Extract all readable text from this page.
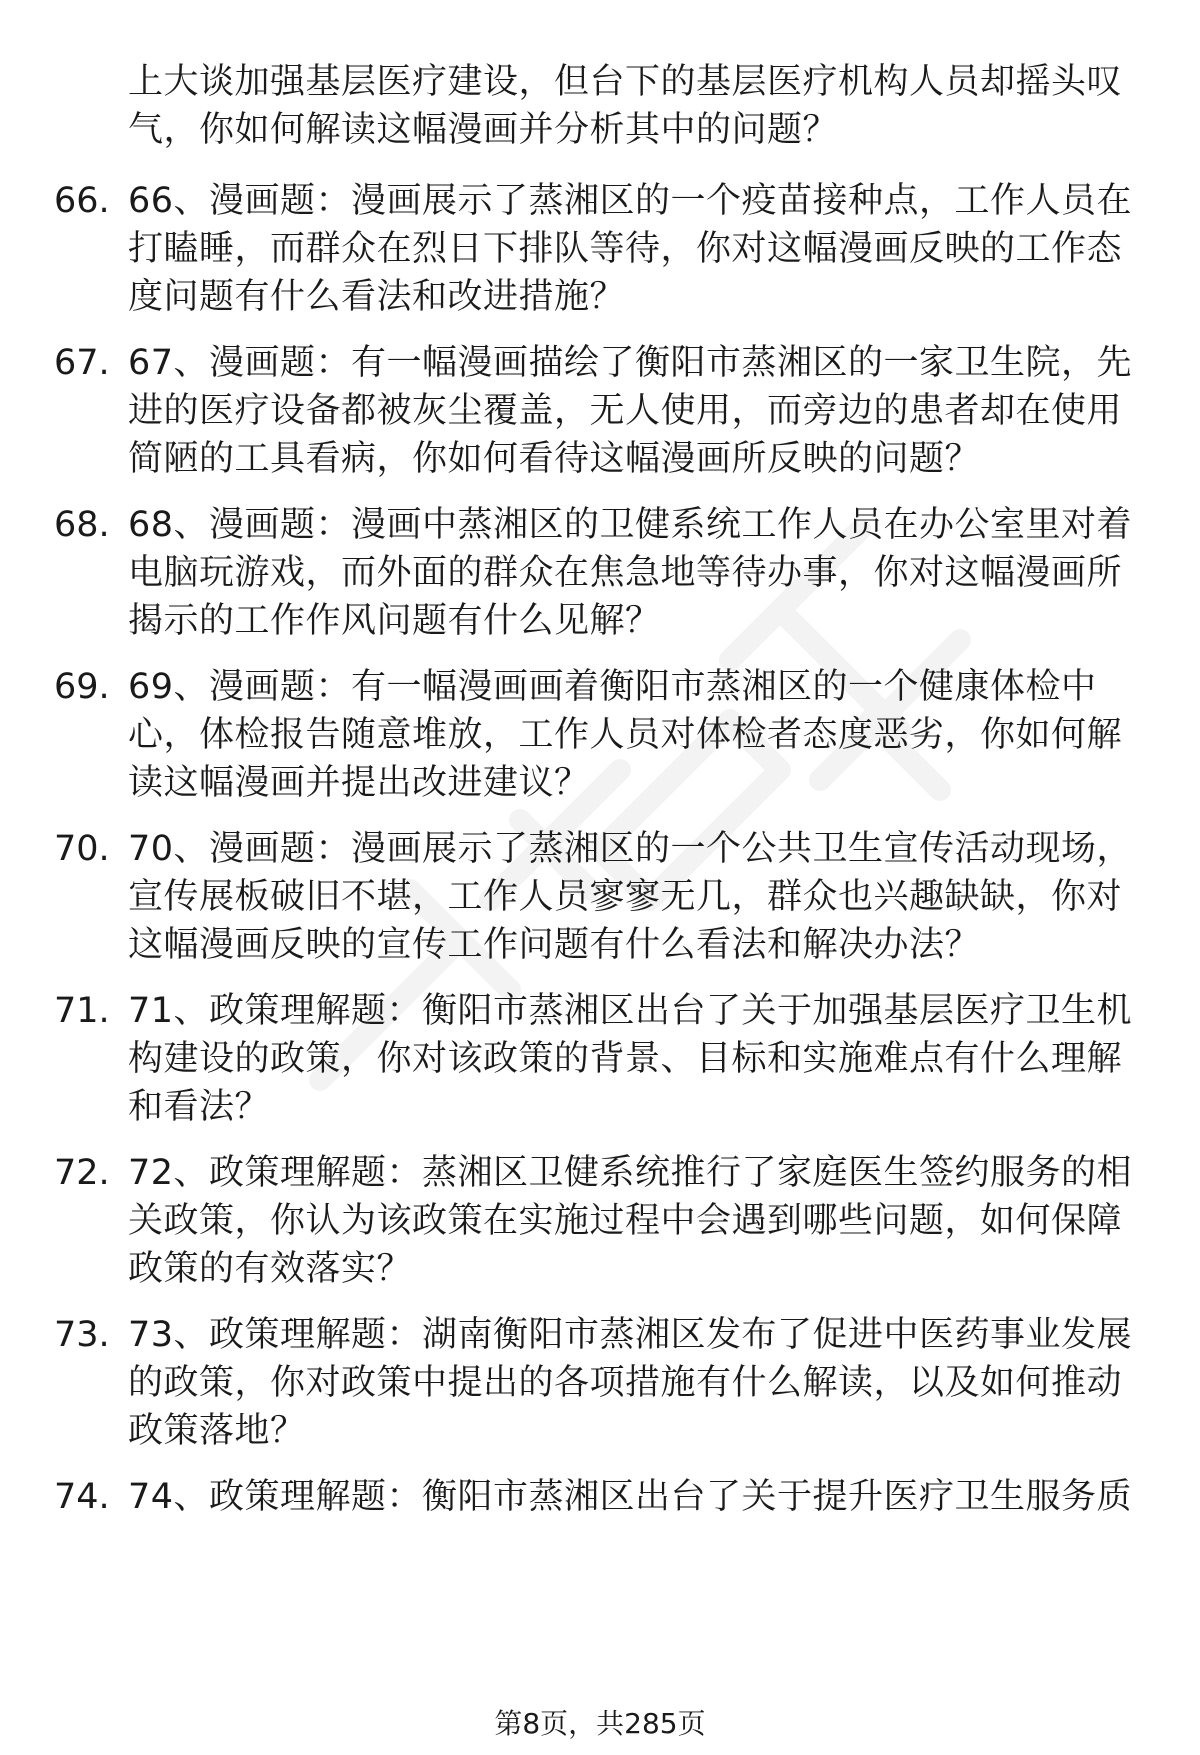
上大谈加强基层医疗建设，但台下的基层医疗机构人员却摇头叹气，你如何解读这幅漫画并分析其中的问题？

66. 66、漫画题：漫画展示了蒸湘区的一个疫苗接种点，工作人员在打瞌睡，而群众在烈日下排队等待，你对这幅漫画反映的工作态度问题有什么看法和改进措施？

67. 67、漫画题：有一幅漫画描绘了衡阳市蒸湘区的一家卫生院，先进的医疗设备都被灰尘覆盖，无人使用，而旁边的患者却在使用简陋的工具看病，你如何看待这幅漫画所反映的问题？

68. 68、漫画题：漫画中蒸湘区的卫健系统工作人员在办公室里对着电脑玩游戏，而外面的群众在焦急地等待办事，你对这幅漫画所揭示的工作作风问题有什么见解？

69. 69、漫画题：有一幅漫画画着衡阳市蒸湘区的一个健康体检中心，体检报告随意堆放，工作人员对体检者态度恶劣，你如何解读这幅漫画并提出改进建议？

70. 70、漫画题：漫画展示了蒸湘区的一个公共卫生宣传活动现场，宣传展板破旧不堪，工作人员寥寥无几，群众也兴趣缺缺，你对这幅漫画反映的宣传工作问题有什么看法和解决办法？

71. 71、政策理解题：衡阳市蒸湘区出台了关于加强基层医疗卫生机构建设的政策，你对该政策的背景、目标和实施难点有什么理解和看法？

72. 72、政策理解题：蒸湘区卫健系统推行了家庭医生签约服务的相关政策，你认为该政策在实施过程中会遇到哪些问题，如何保障政策的有效落实？

73. 73、政策理解题：湖南衡阳市蒸湘区发布了促进中医药事业发展的政策，你对政策中提出的各项措施有什么解读，以及如何推动政策落地？

74. 74、政策理解题：衡阳市蒸湘区出台了关于提升医疗卫生服务质

第8页，共285页
